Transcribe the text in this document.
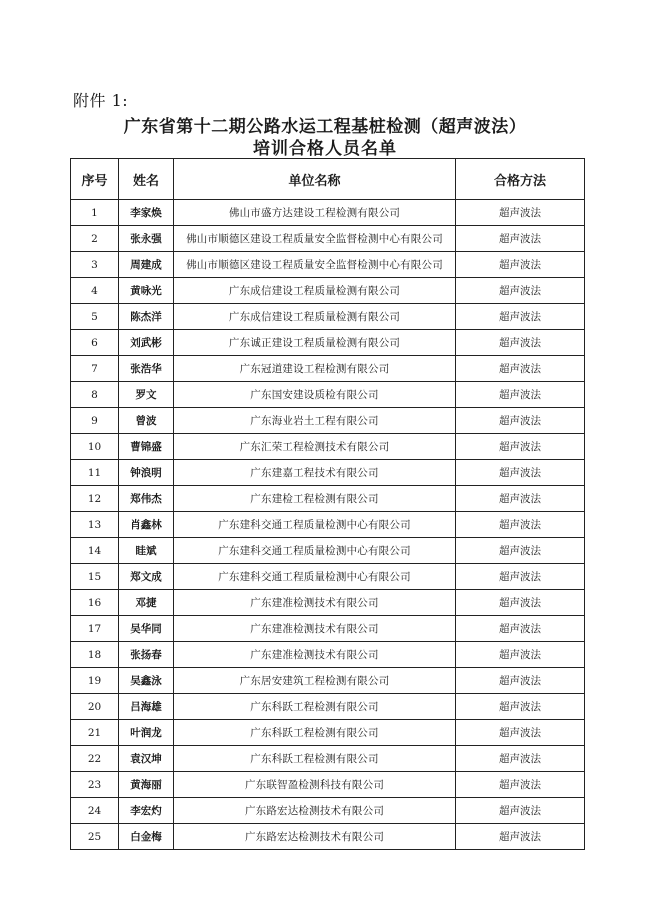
附件 1:
广东省第十二期公路水运工程基桩检测（超声波法）
培训合格人员名单
序号	姓名	单位名称	合格方法
1	李家焕	佛山市盛方达建设工程检测有限公司	超声波法
2	张永强	佛山市顺德区建设工程质量安全监督检测中心有限公司	超声波法
3	周建成	佛山市顺德区建设工程质量安全监督检测中心有限公司	超声波法
4	黄咏光	广东成信建设工程质量检测有限公司	超声波法
5	陈杰洋	广东成信建设工程质量检测有限公司	超声波法
6	刘武彬	广东诚正建设工程质量检测有限公司	超声波法
7	张浩华	广东冠道建设工程检测有限公司	超声波法
8	罗文	广东国安建设质检有限公司	超声波法
9	曾波	广东海业岩土工程有限公司	超声波法
10	曹锦盛	广东汇荣工程检测技术有限公司	超声波法
11	钟浪明	广东建嘉工程技术有限公司	超声波法
12	郑伟杰	广东建检工程检测有限公司	超声波法
13	肖鑫林	广东建科交通工程质量检测中心有限公司	超声波法
14	眭斌	广东建科交通工程质量检测中心有限公司	超声波法
15	郑文成	广东建科交通工程质量检测中心有限公司	超声波法
16	邓捷	广东建准检测技术有限公司	超声波法
17	吴华同	广东建准检测技术有限公司	超声波法
18	张扬春	广东建准检测技术有限公司	超声波法
19	吴鑫泳	广东居安建筑工程检测有限公司	超声波法
20	吕海雄	广东科跃工程检测有限公司	超声波法
21	叶润龙	广东科跃工程检测有限公司	超声波法
22	袁汉坤	广东科跃工程检测有限公司	超声波法
23	黄海丽	广东联智盈检测科技有限公司	超声波法
24	李宏灼	广东路宏达检测技术有限公司	超声波法
25	白金梅	广东路宏达检测技术有限公司	超声波法
